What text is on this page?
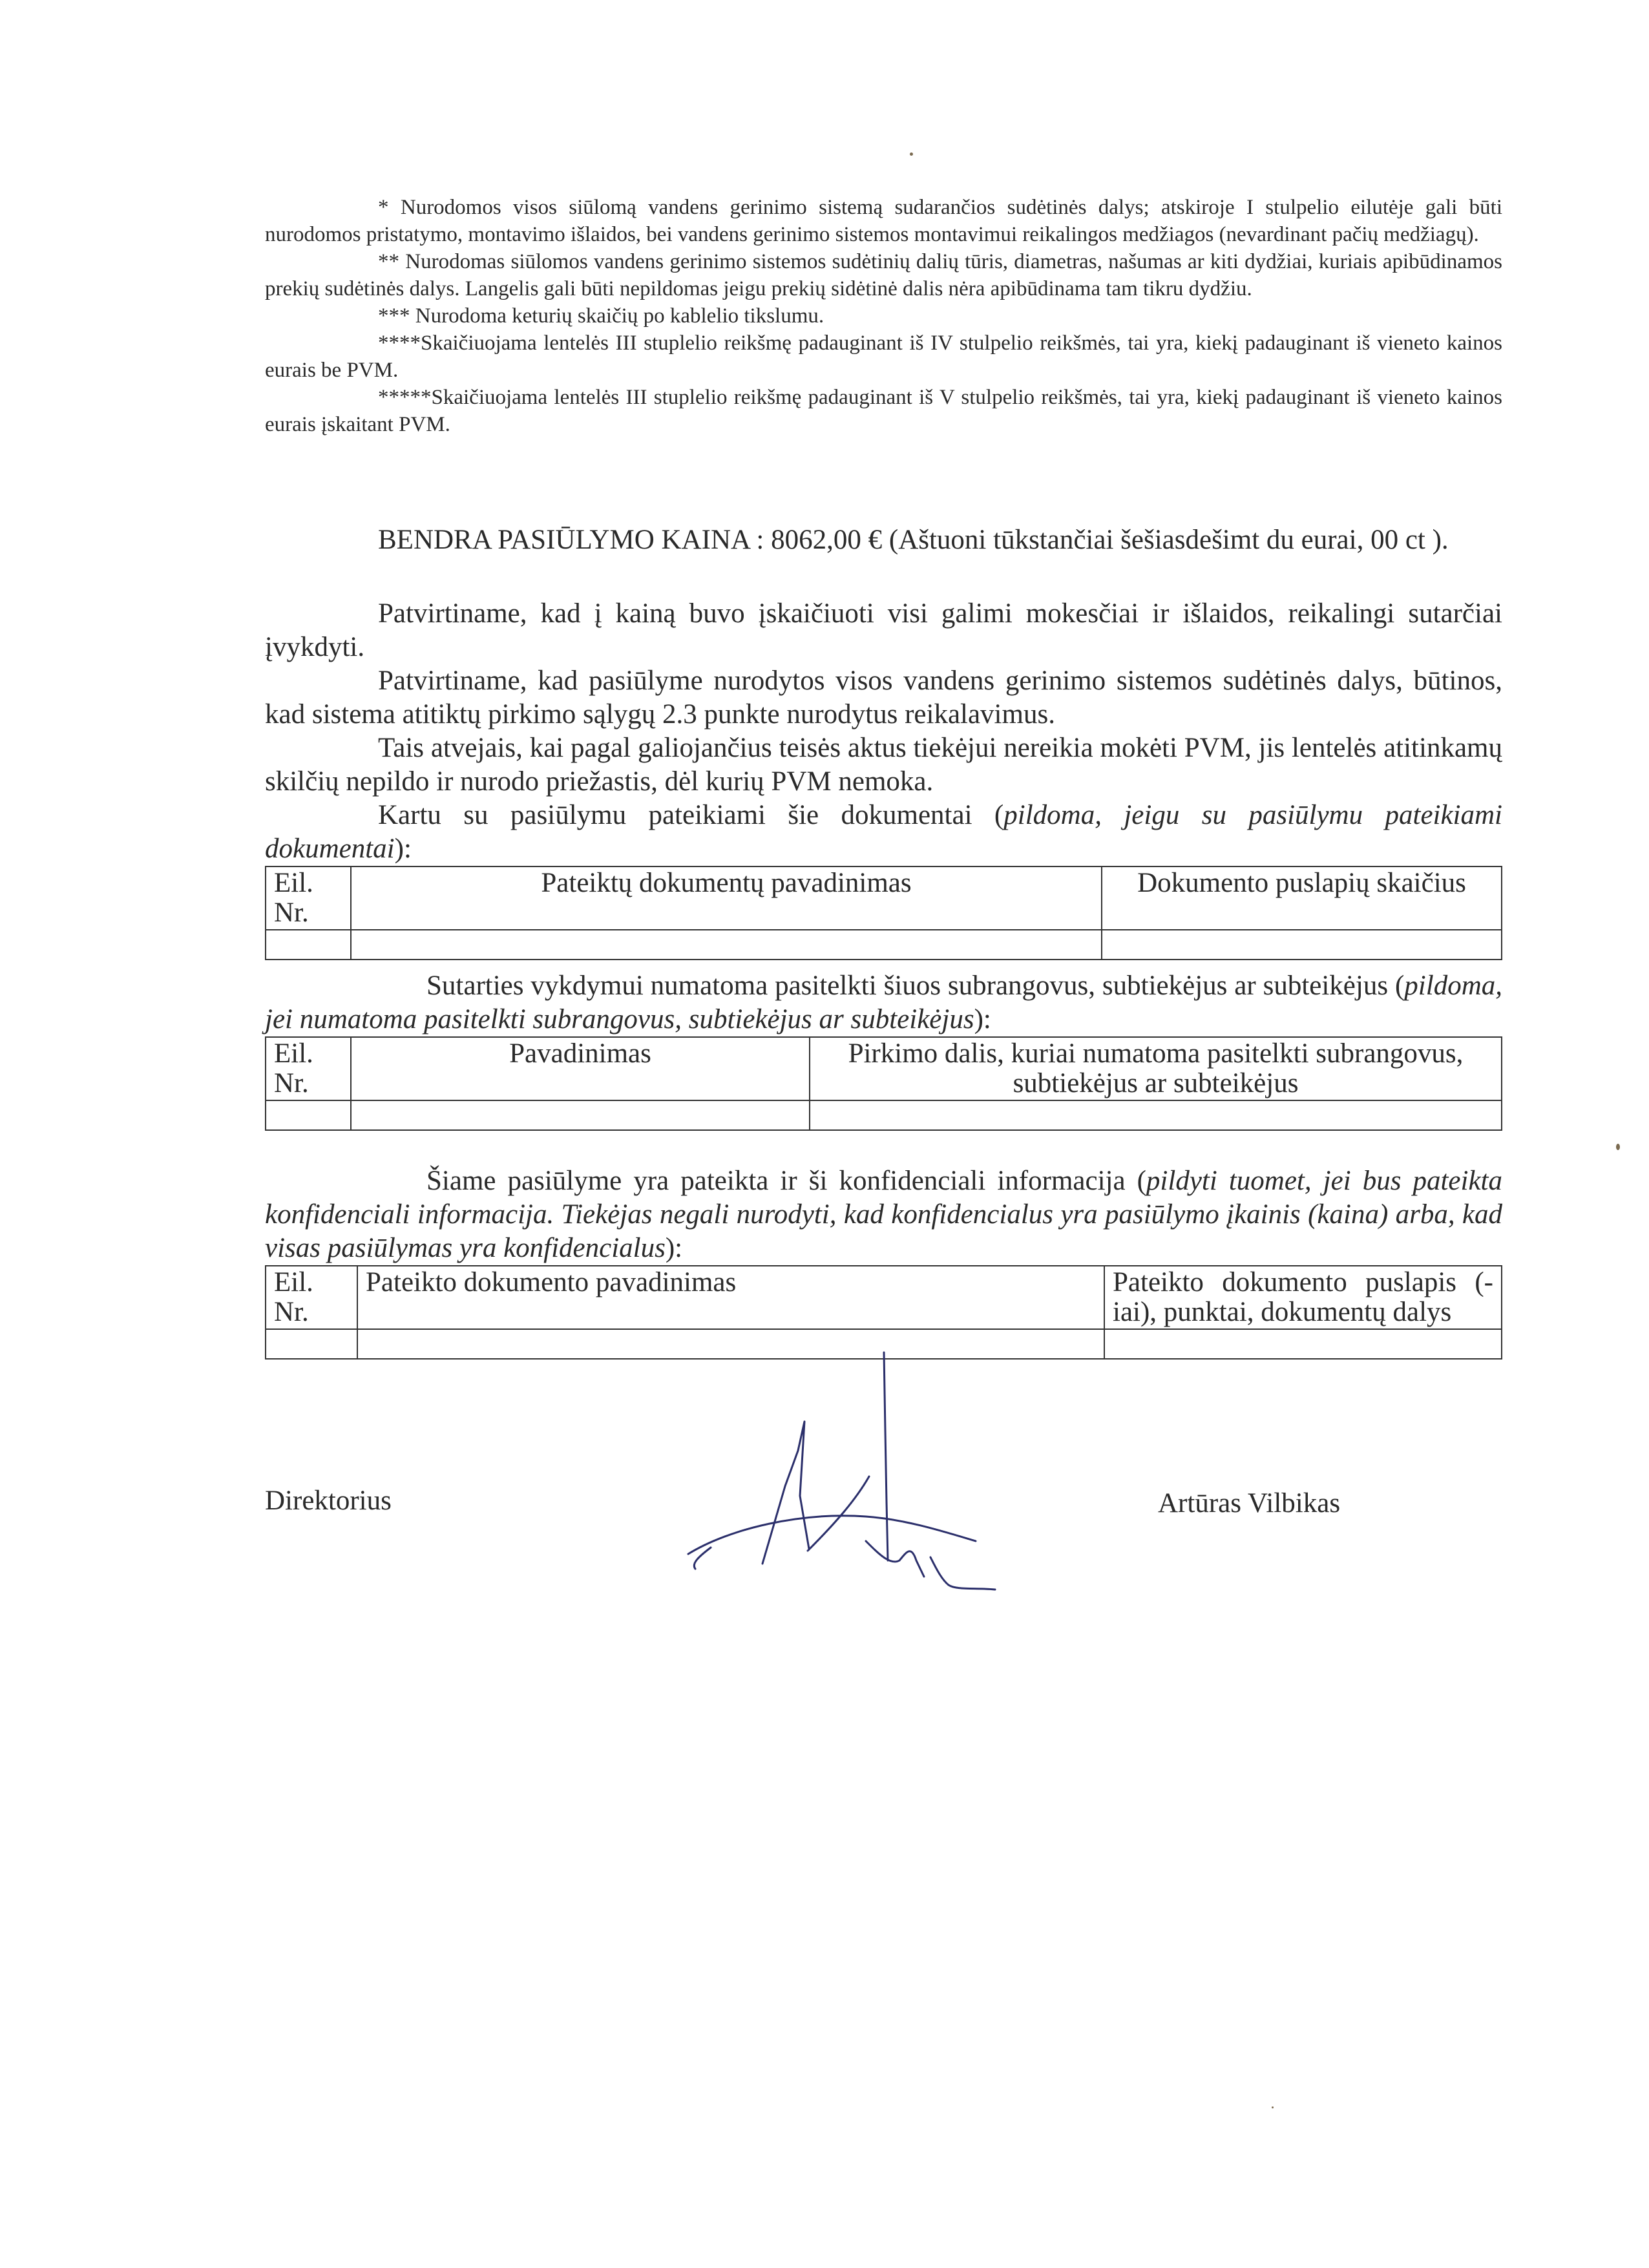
* Nurodomos visos siūlomą vandens gerinimo sistemą sudarančios sudėtinės dalys; atskiroje I stulpelio eilutėje gali būti nurodomos pristatymo, montavimo išlaidos, bei vandens gerinimo sistemos montavimui reikalingos medžiagos (nevardinant pačių medžiagų).

** Nurodomas siūlomos vandens gerinimo sistemos sudėtinių dalių tūris, diametras, našumas ar kiti dydžiai, kuriais apibūdinamos prekių sudėtinės dalys. Langelis gali būti nepildomas jeigu prekių sidėtinė dalis nėra apibūdinama tam tikru dydžiu.

*** Nurodoma keturių skaičių po kablelio tikslumu.

****Skaičiuojama lentelės III stuplelio reikšmę padauginant iš IV stulpelio reikšmės, tai yra, kiekį padauginant iš vieneto kainos eurais be PVM.

*****Skaičiuojama lentelės III stuplelio reikšmę padauginant iš V stulpelio reikšmės, tai yra, kiekį padauginant iš vieneto kainos eurais įskaitant PVM.

BENDRA PASIŪLYMO KAINA : 8062,00 € (Aštuoni tūkstančiai šešiasdešimt du eurai, 00 ct ).

Patvirtiname, kad į kainą buvo įskaičiuoti visi galimi mokesčiai ir išlaidos, reikalingi sutarčiai įvykdyti.

Patvirtiname, kad pasiūlyme nurodytos visos vandens gerinimo sistemos sudėtinės dalys, būtinos, kad sistema atitiktų pirkimo sąlygų 2.3 punkte nurodytus reikalavimus.

Tais atvejais, kai pagal galiojančius teisės aktus tiekėjui nereikia mokėti PVM, jis lentelės atitinkamų skilčių nepildo ir nurodo priežastis, dėl kurių PVM nemoka.

Kartu su pasiūlymu pateikiami šie dokumentai (pildoma, jeigu su pasiūlymu pateikiami dokumentai):

Eil. Nr.	Pateiktų dokumentų pavadinimas	Dokumento puslapių skaičius

Sutarties vykdymui numatoma pasitelkti šiuos subrangovus, subtiekėjus ar subteikėjus (pildoma, jei numatoma pasitelkti subrangovus, subtiekėjus ar subteikėjus):

Eil. Nr.	Pavadinimas	Pirkimo dalis, kuriai numatoma pasitelkti subrangovus, subtiekėjus ar subteikėjus

Šiame pasiūlyme yra pateikta ir ši konfidenciali informacija (pildyti tuomet, jei bus pateikta konfidenciali informacija. Tiekėjas negali nurodyti, kad konfidencialus yra pasiūlymo įkainis (kaina) arba, kad visas pasiūlymas yra konfidencialus):

Eil. Nr.	Pateikto dokumento pavadinimas	Pateikto dokumento puslapis (-iai), punktai, dokumentų dalys

Direktorius	Artūras Vilbikas
